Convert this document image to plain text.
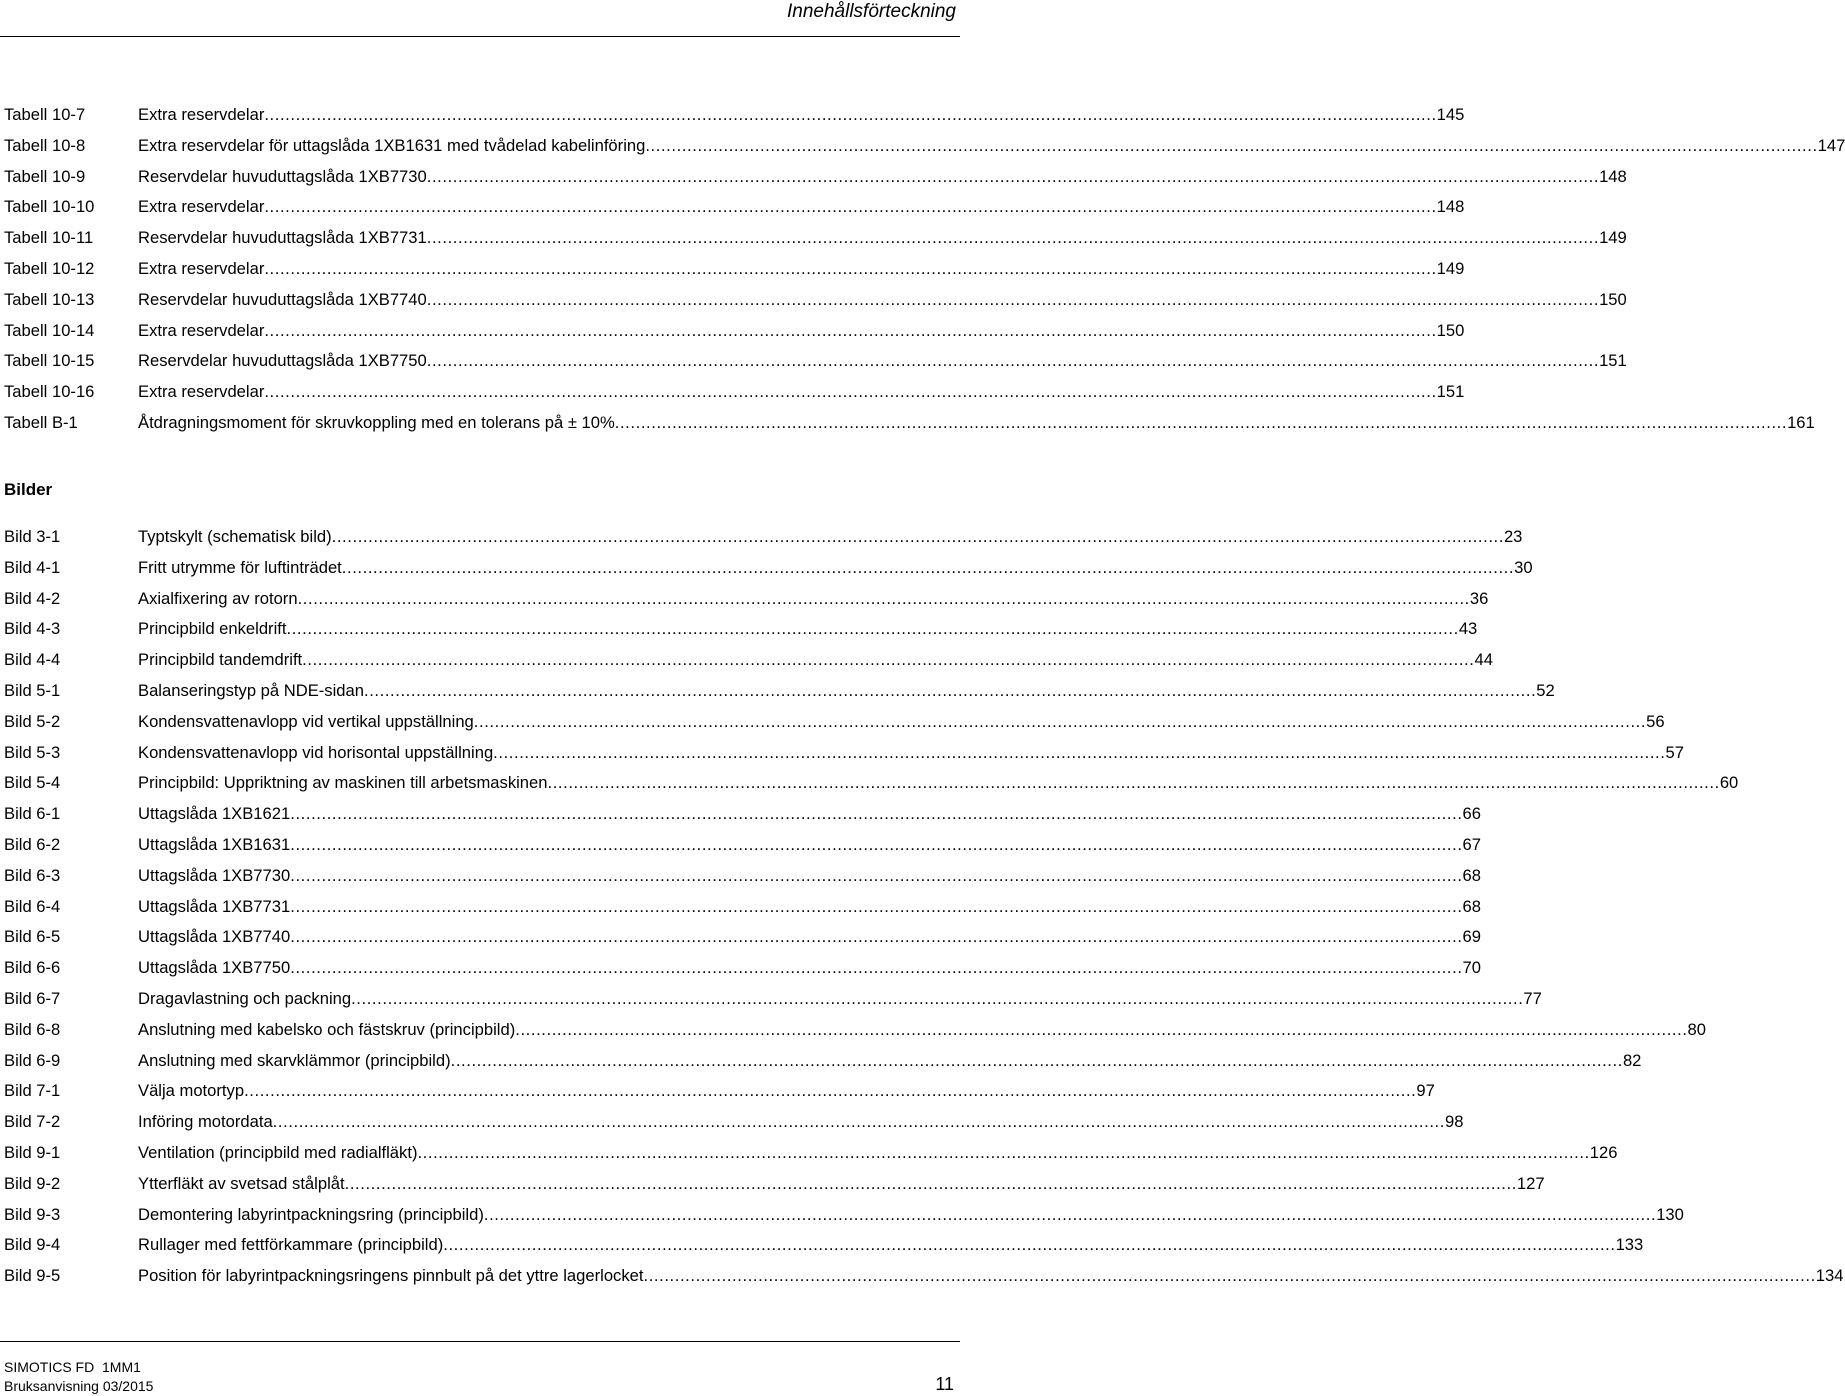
Innehållsförteckning
Tabell 10-7	Extra reservdelar .....	145
Tabell 10-8	Extra reservdelar för uttagslåda 1XB1631 med tvådelad kabelinföring .....	147
Tabell 10-9	Reservdelar huvuduttagslåda 1XB7730 .....	148
Tabell 10-10	Extra reservdelar .....	148
Tabell 10-11	Reservdelar huvuduttagslåda 1XB7731 .....	149
Tabell 10-12	Extra reservdelar .....	149
Tabell 10-13	Reservdelar huvuduttagslåda 1XB7740 .....	150
Tabell 10-14	Extra reservdelar .....	150
Tabell 10-15	Reservdelar huvuduttagslåda 1XB7750 .....	151
Tabell 10-16	Extra reservdelar .....	151
Tabell B-1	Åtdragningsmoment för skruvkoppling med en tolerans på ± 10% .....	161
Bilder
Bild 3-1	Typtskylt (schematisk bild) .....	23
Bild 4-1	Fritt utrymme för luftinträdet .....	30
Bild 4-2	Axialfixering av rotorn .....	36
Bild 4-3	Principbild enkeldrift .....	43
Bild 4-4	Principbild tandemdrift .....	44
Bild 5-1	Balanseringstyp på NDE-sidan .....	52
Bild 5-2	Kondensvattenavlopp vid vertikal uppställning .....	56
Bild 5-3	Kondensvattenavlopp vid horisontal uppställning .....	57
Bild 5-4	Principbild: Uppriktning av maskinen till arbetsmaskinen .....	60
Bild 6-1	Uttagslåda 1XB1621 .....	66
Bild 6-2	Uttagslåda 1XB1631 .....	67
Bild 6-3	Uttagslåda 1XB7730 .....	68
Bild 6-4	Uttagslåda 1XB7731 .....	68
Bild 6-5	Uttagslåda 1XB7740 .....	69
Bild 6-6	Uttagslåda 1XB7750 .....	70
Bild 6-7	Dragavlastning och packning .....	77
Bild 6-8	Anslutning med kabelsko och fästskruv (principbild) .....	80
Bild 6-9	Anslutning med skarvklämmor (principbild) .....	82
Bild 7-1	Välja motortyp .....	97
Bild 7-2	Införing motordata .....	98
Bild 9-1	Ventilation (principbild med radialfläkt) .....	126
Bild 9-2	Ytterfläkt av svetsad stålplåt .....	127
Bild 9-3	Demontering labyrintpackningsring (principbild) .....	130
Bild 9-4	Rullager med fettförkammare (principbild) .....	133
Bild 9-5	Position för labyrintpackningsringens pinnbult på det yttre lagerlocket .....	134
SIMOTICS FD  1MM1
Bruksanvisning 03/2015	11
